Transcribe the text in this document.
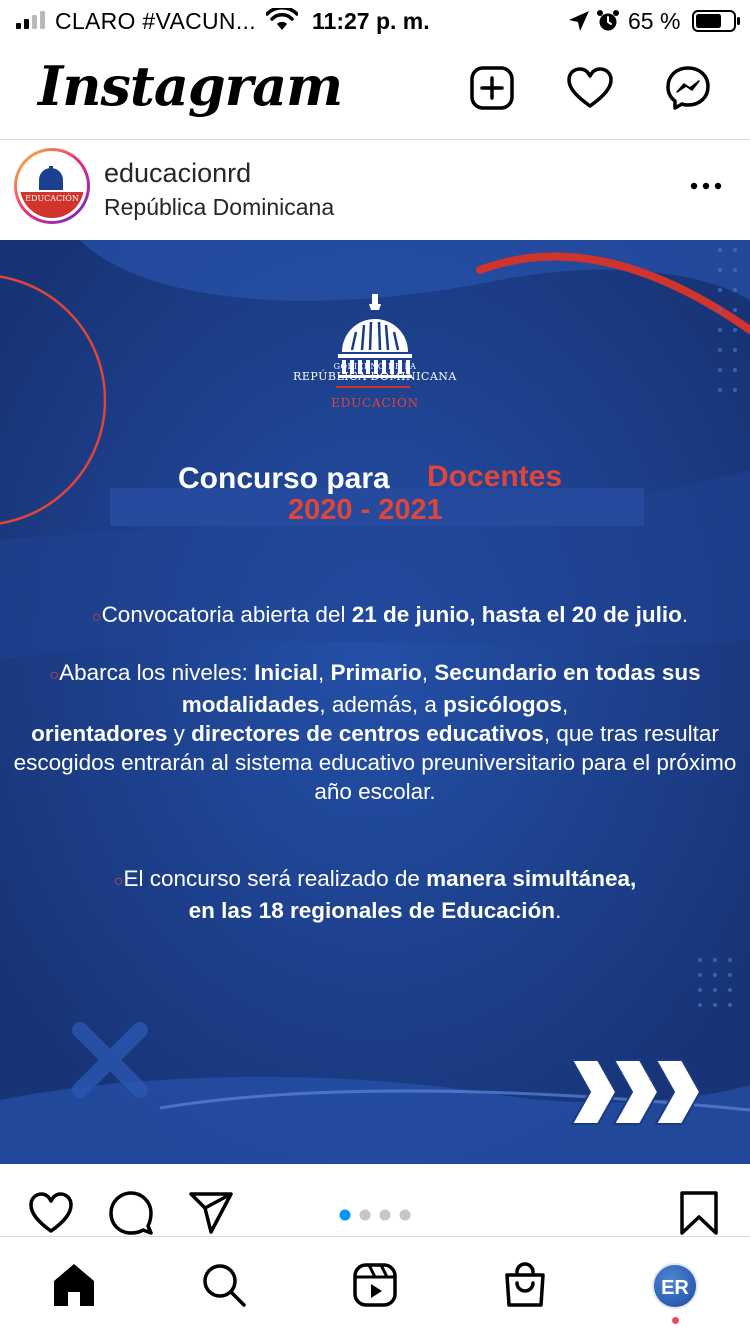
CLARO #VACUN... 11:27 p. m.	65 %
Instagram
EDUCACIÓN
educacionrd
República Dominicana
GOBIERNO DE LA
REPÚBLICA DOMINICANA
EDUCACIÓN
Concurso para Docentes
2020 - 2021
○Convocatoria abierta del 21 de junio, hasta el 20 de julio.
○Abarca los niveles: Inicial, Primario, Secundario en todas sus modalidades, además, a psicólogos,
orientadores y directores de centros educativos, que tras resultar escogidos entrarán al sistema educativo preuniversitario para el próximo año escolar.
○El concurso será realizado de manera simultánea,
en las 18 regionales de Educación.
ER
